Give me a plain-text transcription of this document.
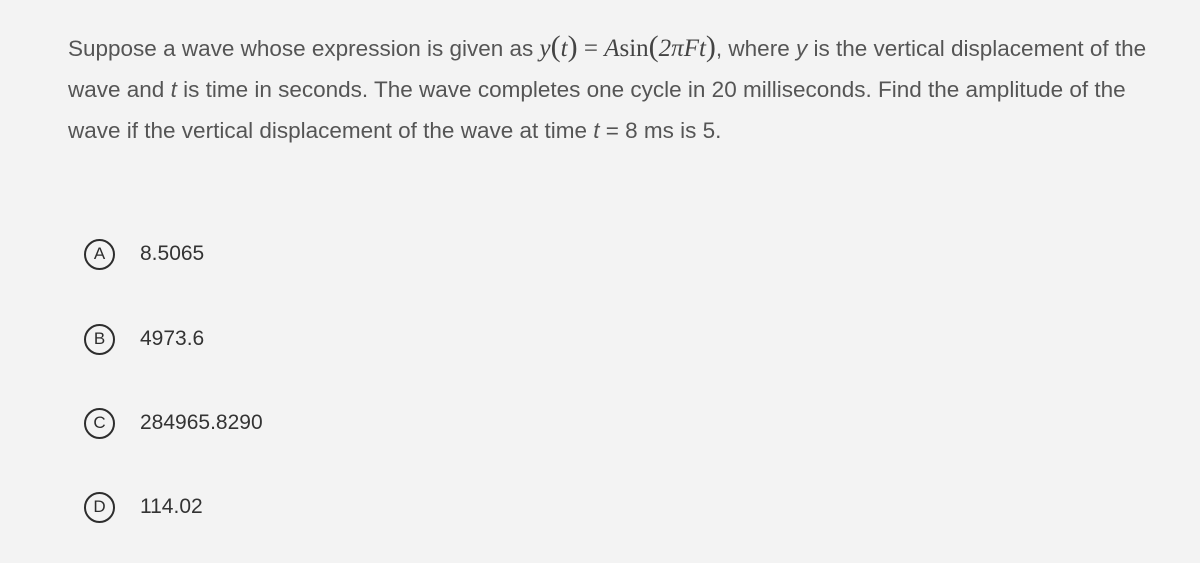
Suppose a wave whose expression is given as y(t) = Asin(2πFt), where y is the vertical displacement of the wave and t is time in seconds. The wave completes one cycle in 20 milliseconds. Find the amplitude of the wave if the vertical displacement of the wave at time t = 8 ms is 5.
A	8.5065
B	4973.6
C	284965.8290
D	114.02
